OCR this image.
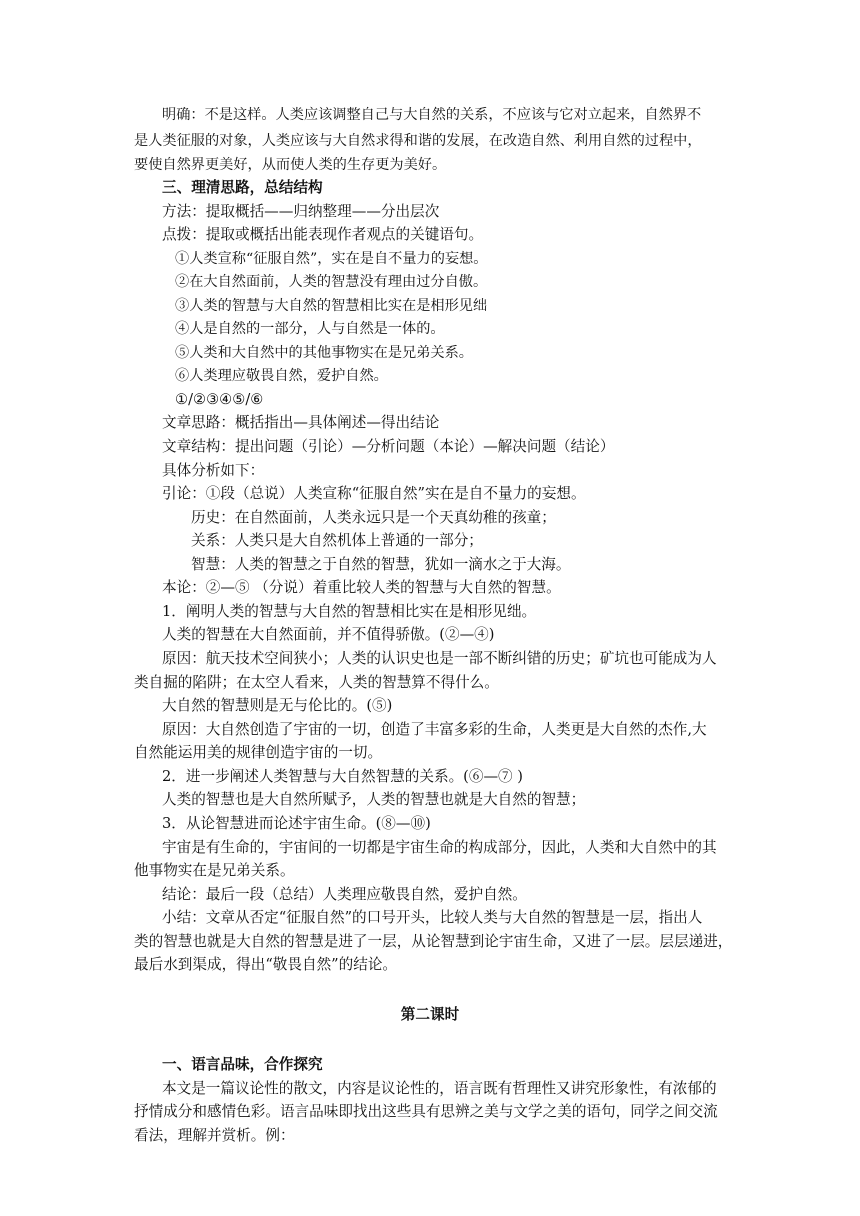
明确：不是这样。人类应该调整自己与大自然的关系，不应该与它对立起来，自然界不
是人类征服的对象，人类应该与大自然求得和谐的发展，在改造自然、利用自然的过程中，
要使自然界更美好，从而使人类的生存更为美好。
三、理清思路，总结结构
方法：提取概括——归纳整理——分出层次
点拨：提取或概括出能表现作者观点的关键语句。
①人类宣称“征服自然”，实在是自不量力的妄想。
②在大自然面前，人类的智慧没有理由过分自傲。
③人类的智慧与大自然的智慧相比实在是相形见绌
④人是自然的一部分，人与自然是一体的。
⑤人类和大自然中的其他事物实在是兄弟关系。
⑥人类理应敬畏自然，爱护自然。
①/②③④⑤/⑥
文章思路：概括指出—具体阐述—得出结论
文章结构：提出问题（引论）—分析问题（本论）—解决问题（结论）
具体分析如下：
引论：①段（总说）人类宣称“征服自然”实在是自不量力的妄想。
历史：在自然面前，人类永远只是一个天真幼稚的孩童；
关系：人类只是大自然机体上普通的一部分；
智慧：人类的智慧之于自然的智慧，犹如一滴水之于大海。
本论：②—⑤ （分说）着重比较人类的智慧与大自然的智慧。
1．阐明人类的智慧与大自然的智慧相比实在是相形见绌。
人类的智慧在大自然面前，并不值得骄傲。(②—④)
原因：航天技术空间狭小；人类的认识史也是一部不断纠错的历史；矿坑也可能成为人
类自掘的陷阱；在太空人看来，人类的智慧算不得什么。
大自然的智慧则是无与伦比的。(⑤)
原因：大自然创造了宇宙的一切，创造了丰富多彩的生命，人类更是大自然的杰作,大
自然能运用美的规律创造宇宙的一切。
2．进一步阐述人类智慧与大自然智慧的关系。(⑥—⑦ )
人类的智慧也是大自然所赋予，人类的智慧也就是大自然的智慧；
3．从论智慧进而论述宇宙生命。(⑧—⑩)
宇宙是有生命的，宇宙间的一切都是宇宙生命的构成部分，因此，人类和大自然中的其
他事物实在是兄弟关系。
结论：最后一段（总结）人类理应敬畏自然，爱护自然。
小结：文章从否定“征服自然”的口号开头，比较人类与大自然的智慧是一层，指出人
类的智慧也就是大自然的智慧是进了一层，从论智慧到论宇宙生命，又进了一层。层层递进，
最后水到渠成，得出“敬畏自然”的结论。
第二课时
一、语言品味，合作探究
本文是一篇议论性的散文，内容是议论性的，语言既有哲理性又讲究形象性，有浓郁的
抒情成分和感情色彩。语言品味即找出这些具有思辨之美与文学之美的语句，同学之间交流
看法，理解并赏析。例：
